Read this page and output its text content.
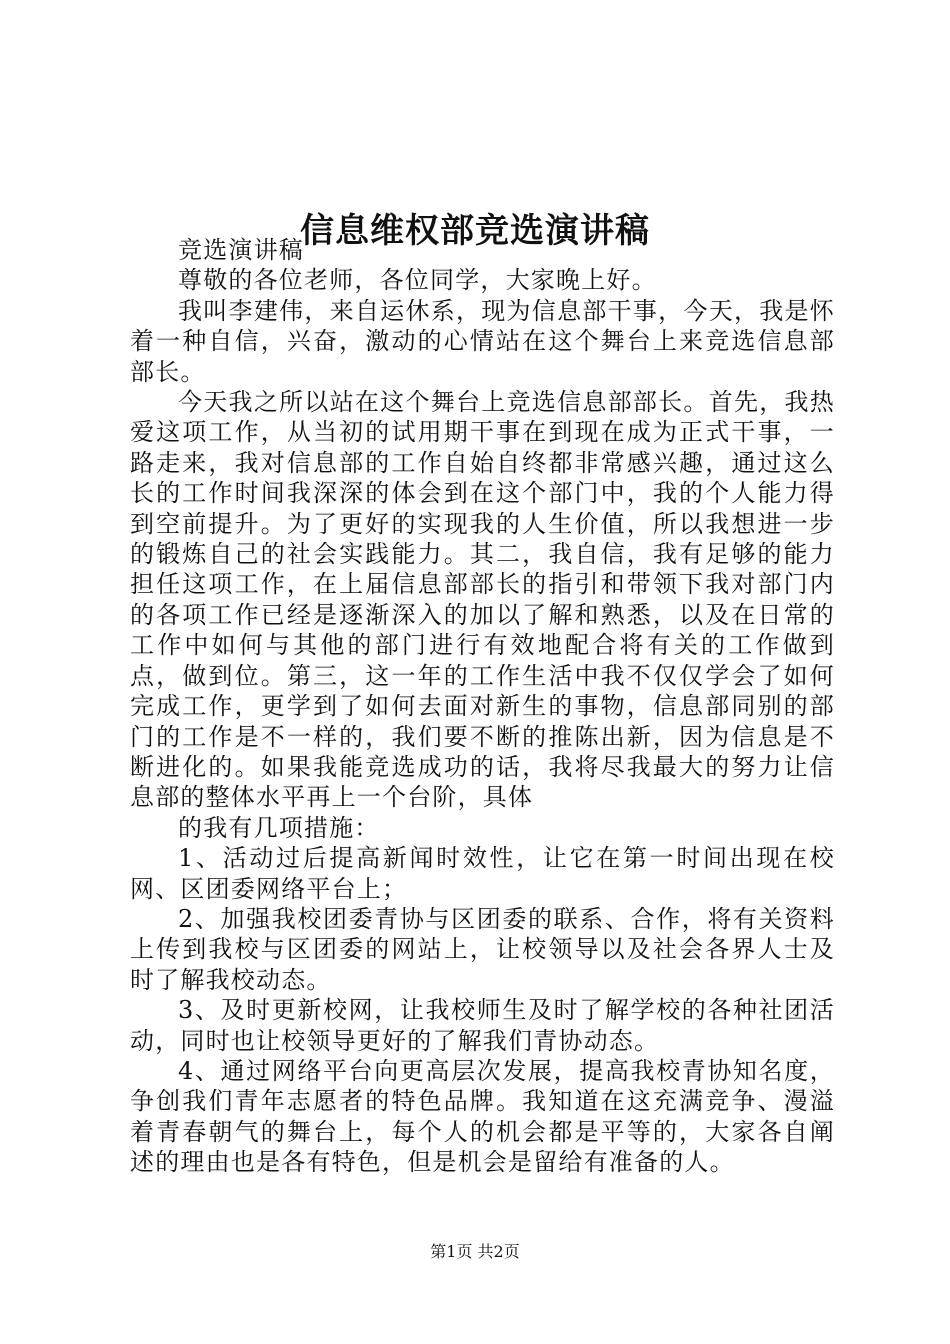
信息维权部竞选演讲稿

竞选演讲稿

尊敬的各位老师，各位同学，大家晚上好。

我叫李建伟，来自运休系，现为信息部干事，今天，我是怀着一种自信，兴奋，激动的心情站在这个舞台上来竞选信息部部长。

今天我之所以站在这个舞台上竞选信息部部长。首先，我热爱这项工作，从当初的试用期干事在到现在成为正式干事，一路走来，我对信息部的工作自始自终都非常感兴趣，通过这么长的工作时间我深深的体会到在这个部门中，我的个人能力得到空前提升。为了更好的实现我的人生价值，所以我想进一步的锻炼自己的社会实践能力。其二，我自信，我有足够的能力担任这项工作，在上届信息部部长的指引和带领下我对部门内的各项工作已经是逐渐深入的加以了解和熟悉，以及在日常的工作中如何与其他的部门进行有效地配合将有关的工作做到点，做到位。第三，这一年的工作生活中我不仅仅学会了如何完成工作，更学到了如何去面对新生的事物，信息部同别的部门的工作是不一样的，我们要不断的推陈出新，因为信息是不断进化的。如果我能竞选成功的话，我将尽我最大的努力让信息部的整体水平再上一个台阶，具体

的我有几项措施：

1、活动过后提高新闻时效性，让它在第一时间出现在校网、区团委网络平台上；

2、加强我校团委青协与区团委的联系、合作，将有关资料上传到我校与区团委的网站上，让校领导以及社会各界人士及时了解我校动态。

3、及时更新校网，让我校师生及时了解学校的各种社团活动，同时也让校领导更好的了解我们青协动态。

4、通过网络平台向更高层次发展，提高我校青协知名度，争创我们青年志愿者的特色品牌。我知道在这充满竞争、漫溢着青春朝气的舞台上，每个人的机会都是平等的，大家各自阐述的理由也是各有特色，但是机会是留给有准备的人。

第1页 共2页
